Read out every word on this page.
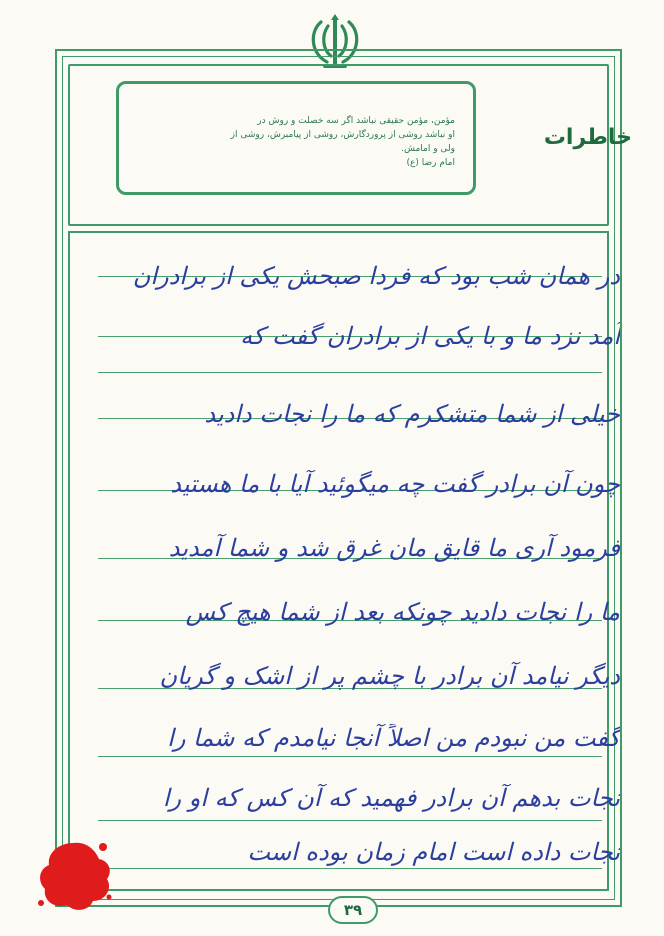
خاطرات
مؤمن، مؤمن حقیقی نباشد اگر سه خصلت و روش در
او نباشد روشی از پروردگارش، روشی از پیامبرش، روشی از
ولی و امامش.
امام رضا (ع)
در همان شب بود که فردا صبحش یکی از برادران
آمد نزد ما و با یکی از برادران گفت که
خیلی از شما متشکرم که ما را نجات دادید
چون آن برادر گفت چه میگوئید آیا با ما هستید
فرمود آری ما قایق مان غرق شد و شما آمدید
ما را نجات دادید چونکه بعد از شما هیچ کس
دیگر نیامد آن برادر با چشم پر از اشک و گریان
گفت من نبودم من اصلاً آنجا نیامدم که شما را
نجات بدهم آن برادر فهمید که آن کس که او را
نجات داده است امام زمان بوده است
۳۹
